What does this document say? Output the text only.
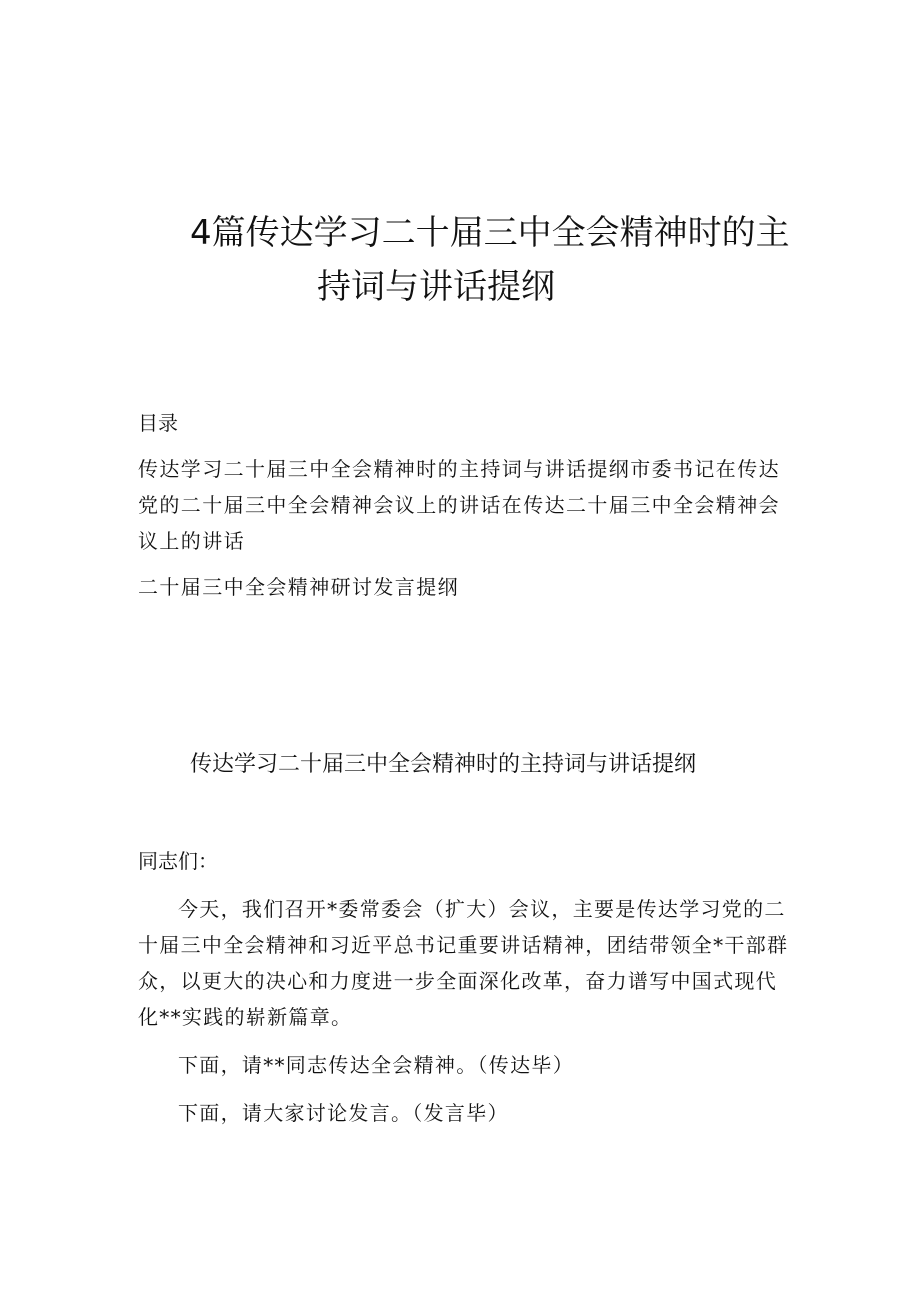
4篇传达学习二十届三中全会精神时的主
持词与讲话提纲

目录

传达学习二十届三中全会精神时的主持词与讲话提纲市委书记在传达党的二十届三中全会精神会议上的讲话在传达二十届三中全会精神会议上的讲话

二十届三中全会精神研讨发言提纲

传达学习二十届三中全会精神时的主持词与讲话提纲

同志们：

今天，我们召开*委常委会（扩大）会议，主要是传达学习党的二十届三中全会精神和习近平总书记重要讲话精神，团结带领全*干部群众，以更大的决心和力度进一步全面深化改革，奋力谱写中国式现代化**实践的崭新篇章。

下面，请**同志传达全会精神。（传达毕）

下面，请大家讨论发言。（发言毕）
